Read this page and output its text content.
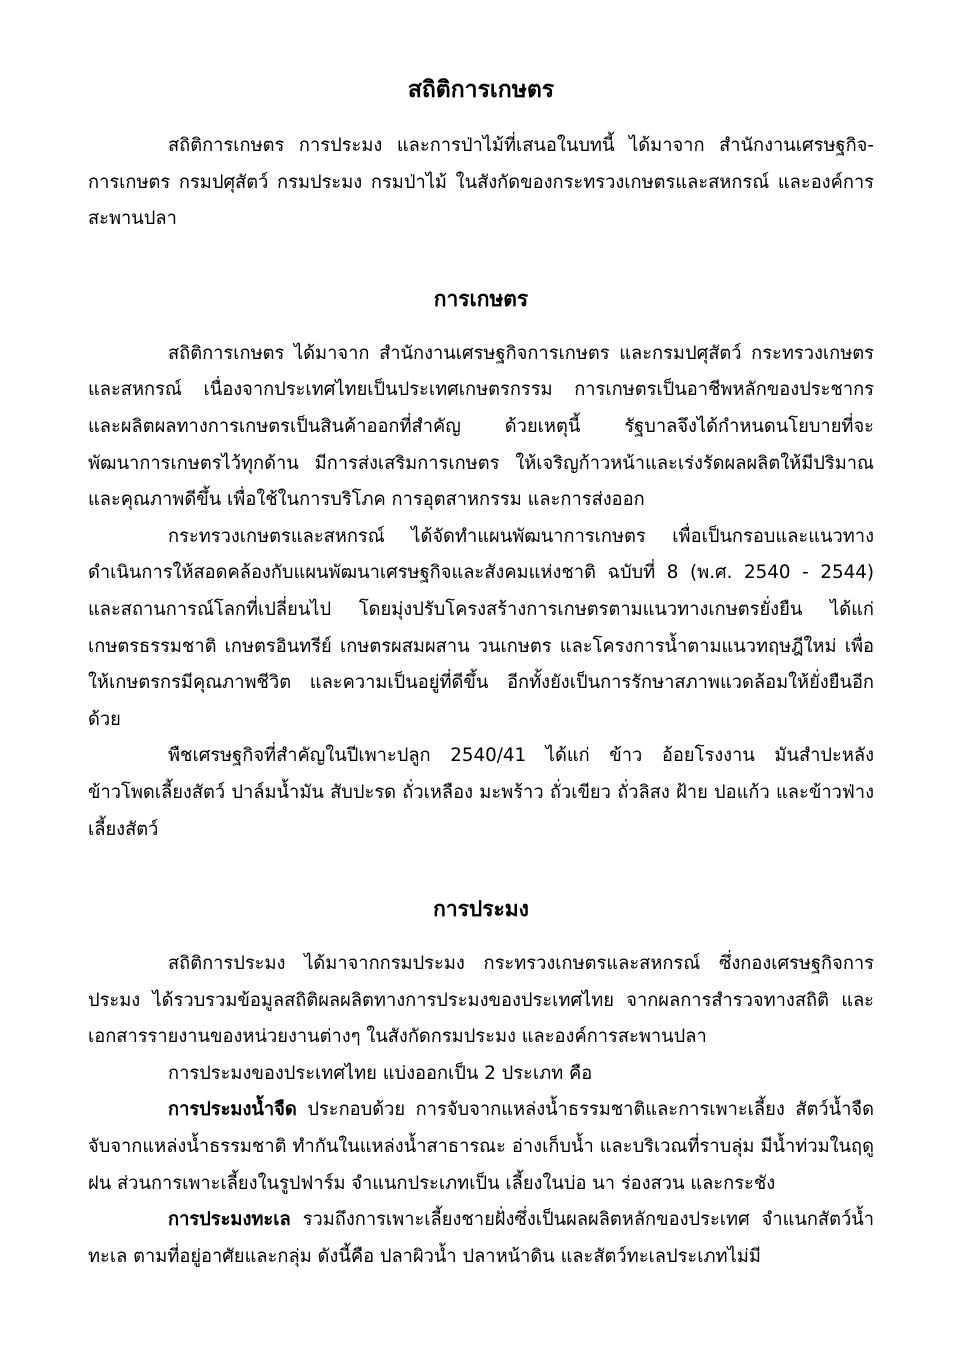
สถิติการเกษตร

สถิติการเกษตร การประมง และการป่าไม้ที่เสนอในบทนี้ ได้มาจาก สำนักงานเศรษฐกิจ-การเกษตร กรมปศุสัตว์ กรมประมง กรมป่าไม้ ในสังกัดของกระทรวงเกษตรและสหกรณ์ และองค์การสะพานปลา

การเกษตร

สถิติการเกษตร ได้มาจาก สำนักงานเศรษฐกิจการเกษตร และกรมปศุสัตว์ กระทรวงเกษตรและสหกรณ์ เนื่องจากประเทศไทยเป็นประเทศเกษตรกรรม การเกษตรเป็นอาชีพหลักของประชากร และผลิตผลทางการเกษตรเป็นสินค้าออกที่สำคัญ ด้วยเหตุนี้ รัฐบาลจึงได้กำหนดนโยบายที่จะพัฒนาการเกษตรไว้ทุกด้าน มีการส่งเสริมการเกษตร ให้เจริญก้าวหน้าและเร่งรัดผลผลิตให้มีปริมาณและคุณภาพดีขึ้น เพื่อใช้ในการบริโภค การอุตสาหกรรม และการส่งออก

กระทรวงเกษตรและสหกรณ์ ได้จัดทำแผนพัฒนาการเกษตร เพื่อเป็นกรอบและแนวทางดำเนินการให้สอดคล้องกับแผนพัฒนาเศรษฐกิจและสังคมแห่งชาติ ฉบับที่ 8 (พ.ศ. 2540 - 2544) และสถานการณ์โลกที่เปลี่ยนไป โดยมุ่งปรับโครงสร้างการเกษตรตามแนวทางเกษตรยั่งยืน ได้แก่ เกษตรธรรมชาติ เกษตรอินทรีย์ เกษตรผสมผสาน วนเกษตร และโครงการน้ำตามแนวทฤษฎีใหม่ เพื่อให้เกษตรกรมีคุณภาพชีวิต และความเป็นอยู่ที่ดีขึ้น อีกทั้งยังเป็นการรักษาสภาพแวดล้อมให้ยั่งยืนอีกด้วย

พืชเศรษฐกิจที่สำคัญในปีเพาะปลูก 2540/41 ได้แก่ ข้าว อ้อยโรงงาน มันสำปะหลัง ข้าวโพดเลี้ยงสัตว์ ปาล์มน้ำมัน สับปะรด ถั่วเหลือง มะพร้าว ถั่วเขียว ถั่วลิสง ฝ้าย ปอแก้ว และข้าวฟ่างเลี้ยงสัตว์

การประมง

สถิติการประมง ได้มาจากกรมประมง กระทรวงเกษตรและสหกรณ์ ซึ่งกองเศรษฐกิจการประมง ได้รวบรวมข้อมูลสถิติผลผลิตทางการประมงของประเทศไทย จากผลการสำรวจทางสถิติ และเอกสารรายงานของหน่วยงานต่างๆ ในสังกัดกรมประมง และองค์การสะพานปลา

การประมงของประเทศไทย แบ่งออกเป็น 2 ประเภท คือ

การประมงน้ำจืด ประกอบด้วย การจับจากแหล่งน้ำธรรมชาติและการเพาะเลี้ยง สัตว์น้ำจืดจับจากแหล่งน้ำธรรมชาติ ทำกันในแหล่งน้ำสาธารณะ อ่างเก็บน้ำ และบริเวณที่ราบลุ่ม มีน้ำท่วมในฤดูฝน ส่วนการเพาะเลี้ยงในรูปฟาร์ม จำแนกประเภทเป็น เลี้ยงในบ่อ นา ร่องสวน และกระชัง

การประมงทะเล รวมถึงการเพาะเลี้ยงชายฝั่งซึ่งเป็นผลผลิตหลักของประเทศ จำแนกสัตว์น้ำทะเล ตามที่อยู่อาศัยและกลุ่ม ดังนี้คือ ปลาผิวน้ำ ปลาหน้าดิน และสัตว์ทะเลประเภทไม่มี
